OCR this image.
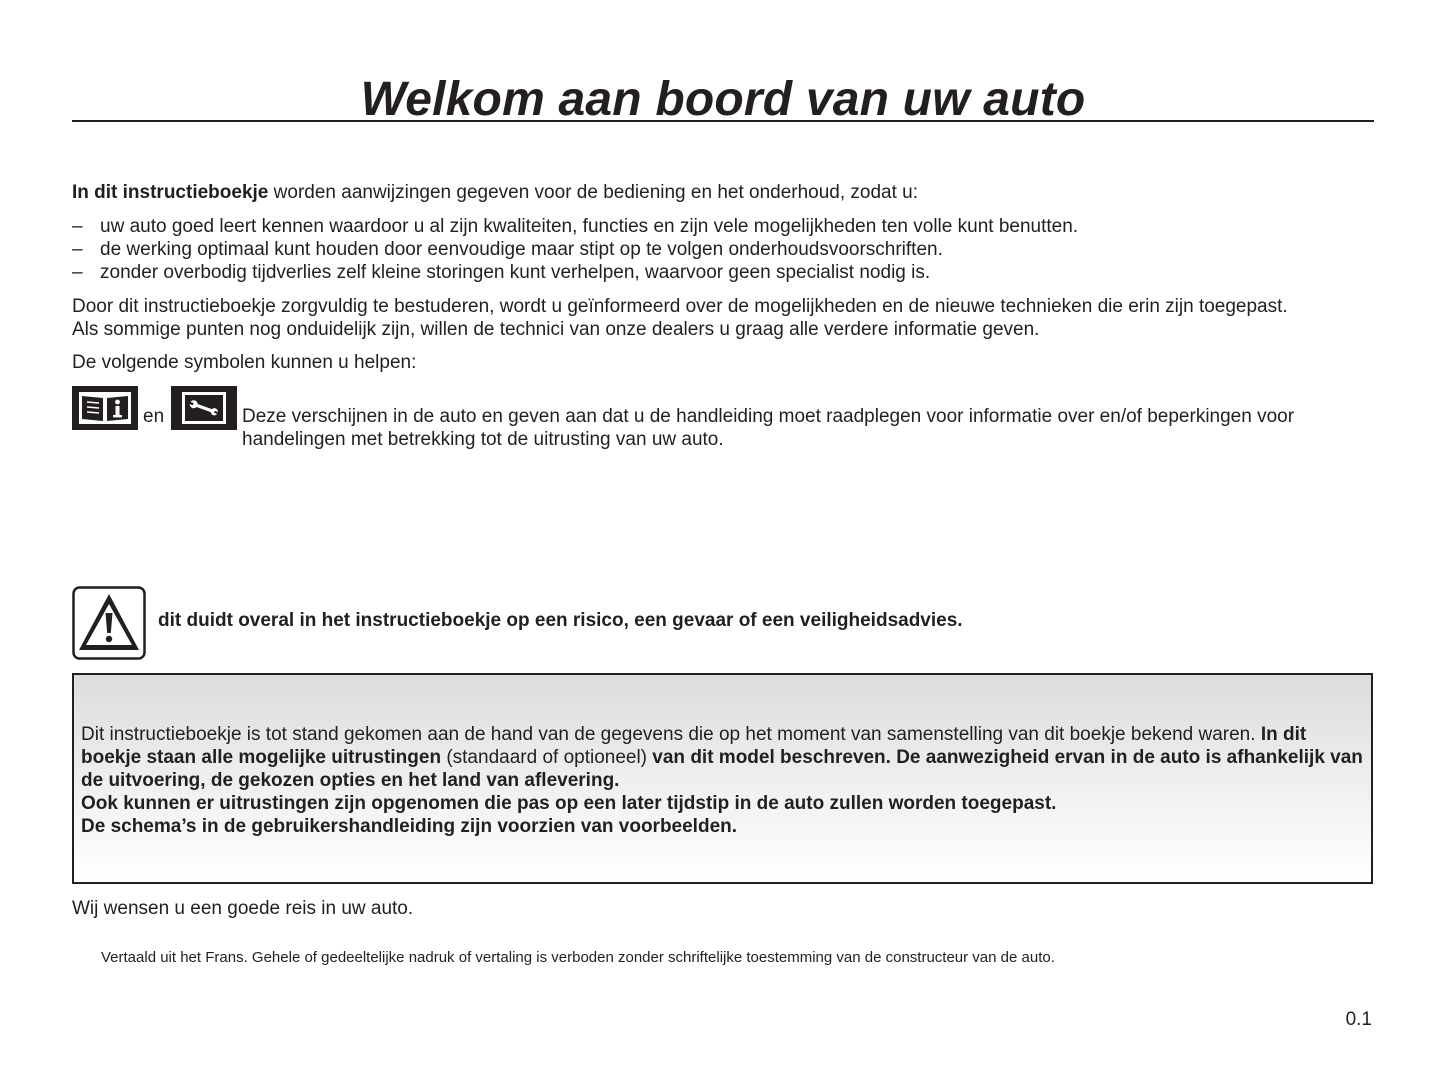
Welkom aan boord van uw auto

In dit instructieboekje worden aanwijzingen gegeven voor de bediening en het onderhoud, zodat u:

– uw auto goed leert kennen waardoor u al zijn kwaliteiten, functies en zijn vele mogelijkheden ten volle kunt benutten.
– de werking optimaal kunt houden door eenvoudige maar stipt op te volgen onderhoudsvoorschriften.
– zonder overbodig tijdverlies zelf kleine storingen kunt verhelpen, waarvoor geen specialist nodig is.

Door dit instructieboekje zorgvuldig te bestuderen, wordt u geïnformeerd over de mogelijkheden en de nieuwe technieken die erin zijn toegepast.

Als sommige punten nog onduidelijk zijn, willen de technici van onze dealers u graag alle verdere informatie geven.

De volgende symbolen kunnen u helpen:

en	Deze verschijnen in de auto en geven aan dat u de handleiding moet raadplegen voor informatie over en/of beperkingen voor handelingen met betrekking tot de uitrusting van uw auto.

dit duidt overal in het instructieboekje op een risico, een gevaar of een veiligheidsadvies.

Dit instructieboekje is tot stand gekomen aan de hand van de gegevens die op het moment van samenstelling van dit boekje bekend waren. In dit boekje staan alle mogelijke uitrustingen (standaard of optioneel) van dit model beschreven. De aanwezigheid ervan in de auto is afhankelijk van de uitvoering, de gekozen opties en het land van aflevering.

Ook kunnen er uitrustingen zijn opgenomen die pas op een later tijdstip in de auto zullen worden toegepast.

De schema’s in de gebruikershandleiding zijn voorzien van voorbeelden.

Wij wensen u een goede reis in uw auto.

Vertaald uit het Frans. Gehele of gedeeltelijke nadruk of vertaling is verboden zonder schriftelijke toestemming van de constructeur van de auto.

0.1
